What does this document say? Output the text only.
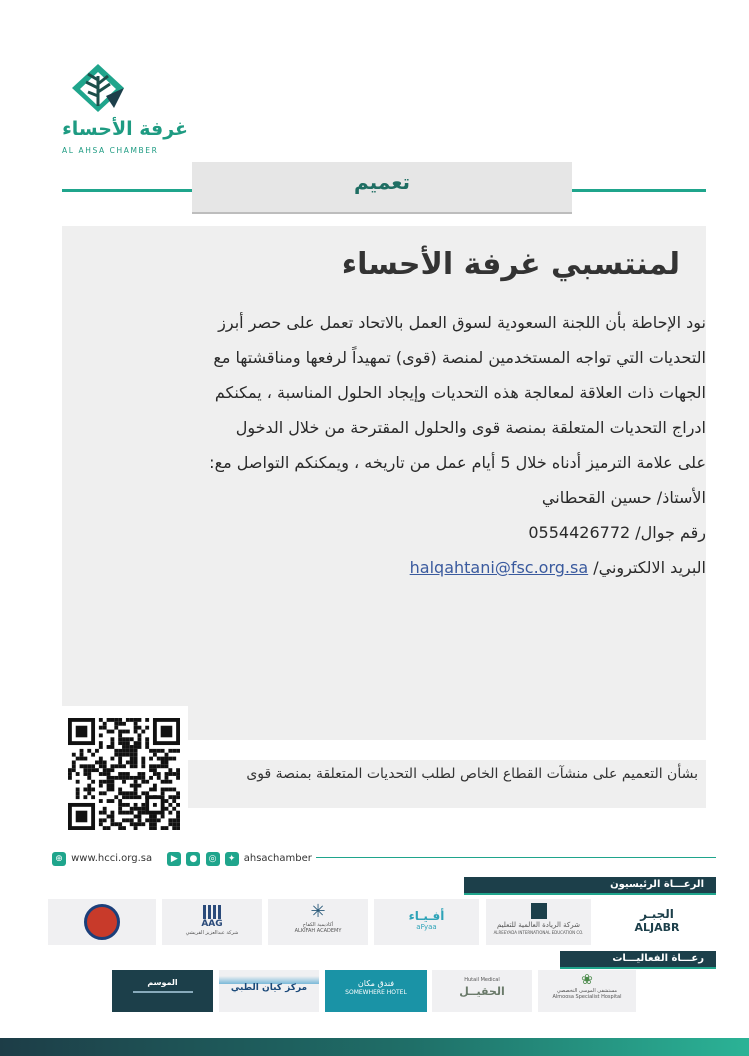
غرفة الأحساء
AL AHSA CHAMBER
تعميم
لمنتسبي غرفة الأحساء
نود الإحاطة بأن اللجنة السعودية لسوق العمل بالاتحاد تعمل على حصر أبرز
التحديات التي تواجه المستخدمين لمنصة (قوى) تمهيداً لرفعها ومناقشتها مع
الجهات ذات العلاقة لمعالجة هذه التحديات وإيجاد الحلول المناسبة ، يمكنكم
ادراج التحديات المتعلقة بمنصة قوى والحلول المقترحة من خلال الدخول
على علامة الترميز أدناه خلال 5 أيام عمل من تاريخه ، ويمكنكم التواصل مع:
الأستاذ/ حسين القحطاني
رقم جوال/ 0554426772
البريد الالكتروني/ halqahtani@fsc.org.sa
بشأن التعميم على منشآت القطاع الخاص لطلب التحديات المتعلقة بمنصة قوى
⊕ www.hcci.org.sa ▶ ● ◎ ✦ ahsachamber
الرعـــاة الرئيسيون
الجبـر
ALJABR
شركة الريادة العالمية للتعليم
ALREEYADA INTERNATIONAL EDUCATION CO.
أفـيـاء
aFyaa
✳
أكاديمية الكفاح
ALKIFAH ACADEMY
AAG
شركة عبدالعزيز القريشي
رعـــاة الفعاليـــات
❀
مستشفى الموسى التخصصي
Almoosa Specialist Hospital
Hutail Medical
الحقيــل
فندق مكان
SOMEWHERE HOTEL
مركز كيان الطبي
الموسم
